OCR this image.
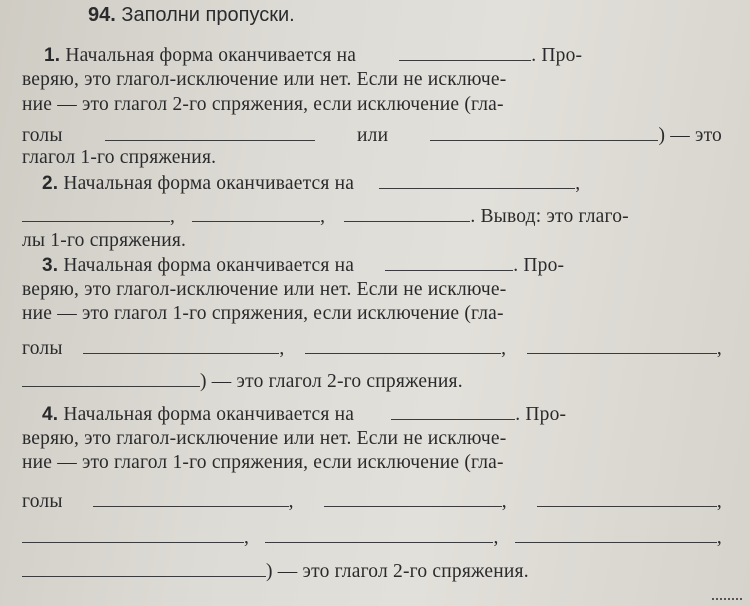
94. Заполни пропуски.
1. Начальная форма оканчивается на	. Про-
веряю, это глагол-исключение или нет. Если не исключе-
ние — это глагол 2-го спряжения, если исключение (гла-
голы	или	) — это
глагол 1-го спряжения.
2. Начальная форма оканчивается на	,
,	,	. Вывод: это глаго-
лы 1-го спряжения.
3. Начальная форма оканчивается на	. Про-
веряю, это глагол-исключение или нет. Если не исключе-
ние — это глагол 1-го спряжения, если исключение (гла-
голы	,	,	,
) — это глагол 2-го спряжения.
4. Начальная форма оканчивается на	. Про-
веряю, это глагол-исключение или нет. Если не исключе-
ние — это глагол 1-го спряжения, если исключение (гла-
голы	,	,	,
,	,	,
) — это глагол 2-го спряжения.
